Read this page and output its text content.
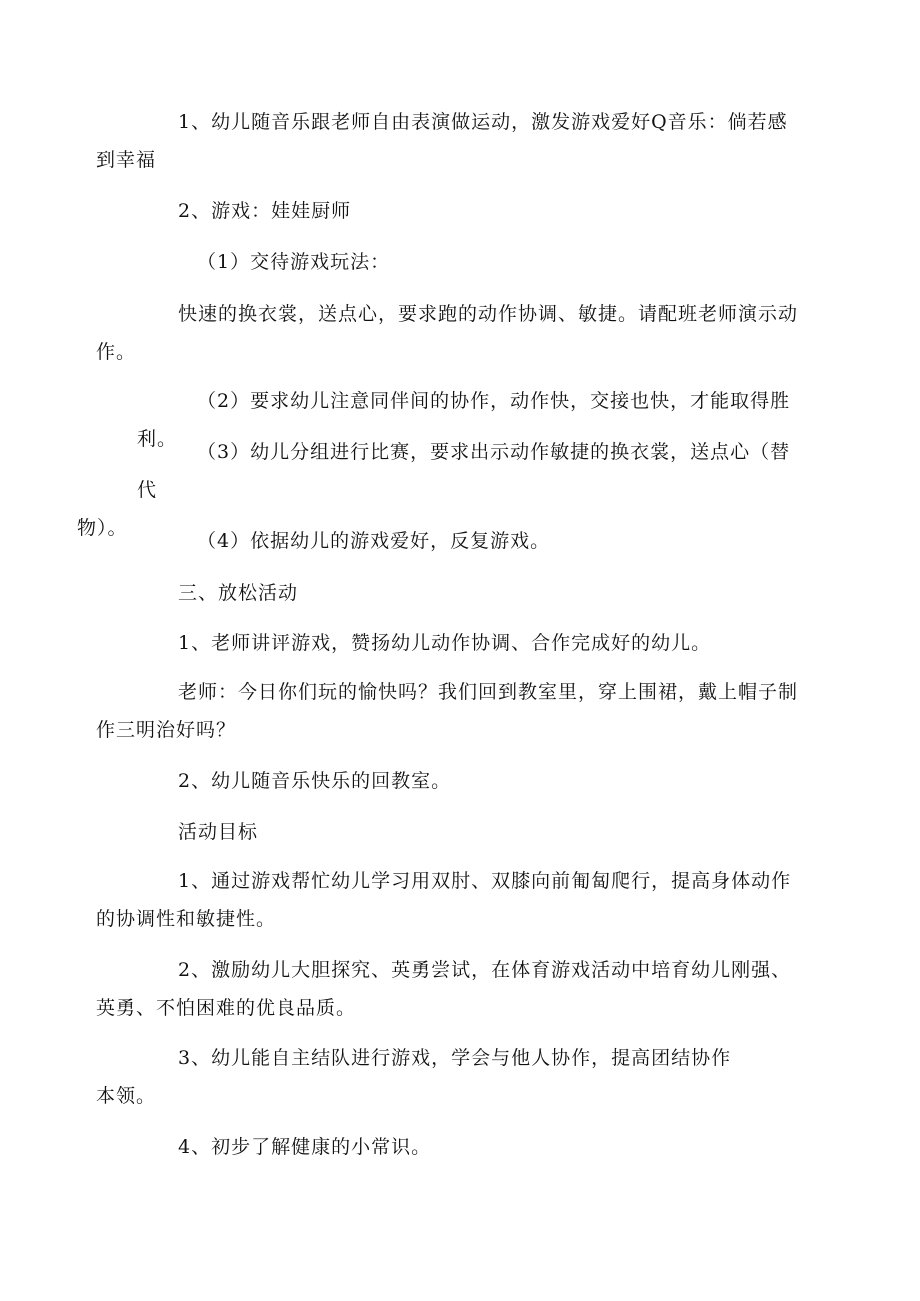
1、幼儿随音乐跟老师自由表演做运动，激发游戏爱好Q音乐：倘若感
到幸福

2、游戏：娃娃厨师

（1）交待游戏玩法：

快速的换衣裳，送点心，要求跑的动作协调、敏捷。请配班老师演示动
作。

（2）要求幼儿注意同伴间的协作，动作快，交接也快，才能取得胜利。

（3）幼儿分组进行比赛，要求出示动作敏捷的换衣裳，送点心（替代
物）。

（4）依据幼儿的游戏爱好，反复游戏。

三、放松活动

1、老师讲评游戏，赞扬幼儿动作协调、合作完成好的幼儿。

老师：今日你们玩的愉快吗？我们回到教室里，穿上围裙，戴上帽子制
作三明治好吗？

2、幼儿随音乐快乐的回教室。

活动目标

1、通过游戏帮忙幼儿学习用双肘、双膝向前匍匐爬行，提高身体动作
的协调性和敏捷性。

2、激励幼儿大胆探究、英勇尝试，在体育游戏活动中培育幼儿刚强、
英勇、不怕困难的优良品质。

3、幼儿能自主结队进行游戏，学会与他人协作，提高团结协作
本领。

4、初步了解健康的小常识。
